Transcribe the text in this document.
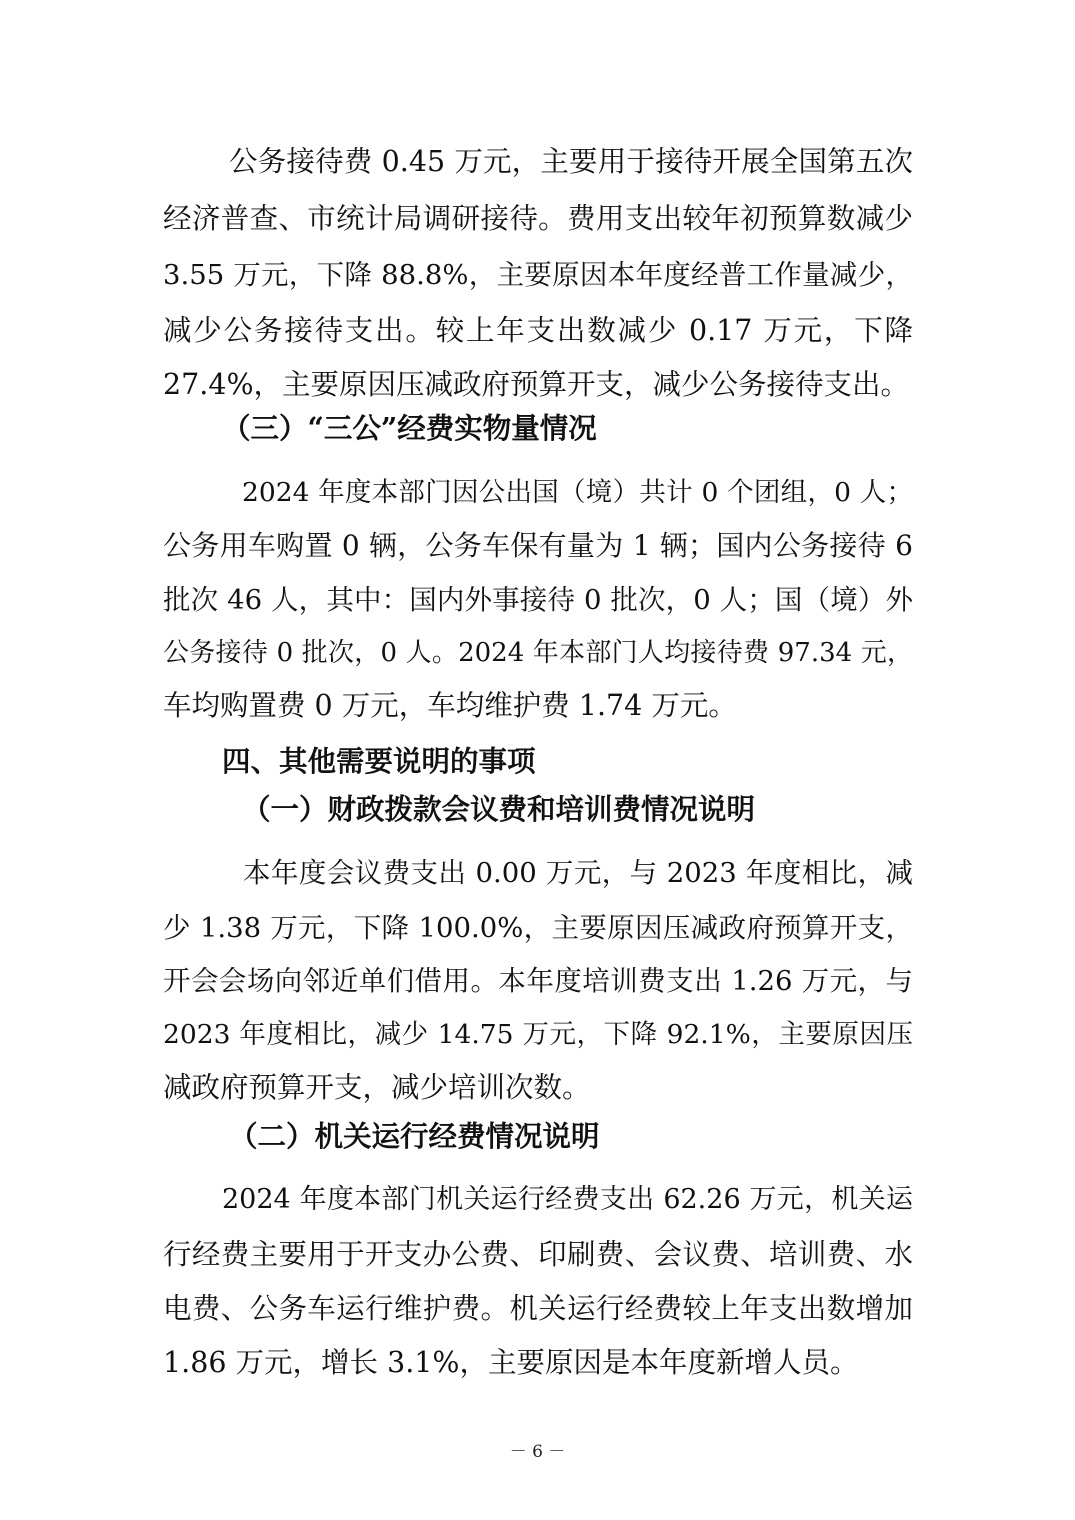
公务接待费 0.45 万元，主要用于接待开展全国第五次
经济普查、市统计局调研接待。费用支出较年初预算数减少
3.55 万元，下降 88.8%，主要原因本年度经普工作量减少，
减少公务接待支出。较上年支出数减少 0.17 万元，下降
27.4%，主要原因压减政府预算开支，减少公务接待支出。
（三）“三公”经费实物量情况
2024 年度本部门因公出国（境）共计 0 个团组，0 人；
公务用车购置 0 辆，公务车保有量为 1 辆；国内公务接待 6
批次 46 人，其中：国内外事接待 0 批次，0 人；国（境）外
公务接待 0 批次，0 人。2024 年本部门人均接待费 97.34 元，
车均购置费 0 万元，车均维护费 1.74 万元。
四、其他需要说明的事项
（一）财政拨款会议费和培训费情况说明
本年度会议费支出 0.00 万元，与 2023 年度相比，减
少 1.38 万元，下降 100.0%，主要原因压减政府预算开支，
开会会场向邻近单们借用。本年度培训费支出 1.26 万元，与
2023 年度相比，减少 14.75 万元，下降 92.1%，主要原因压
减政府预算开支，减少培训次数。
（二）机关运行经费情况说明
2024 年度本部门机关运行经费支出 62.26 万元，机关运
行经费主要用于开支办公费、印刷费、会议费、培训费、水
电费、公务车运行维护费。机关运行经费较上年支出数增加
1.86 万元，增长 3.1%，主要原因是本年度新增人员。
－ 6 －
